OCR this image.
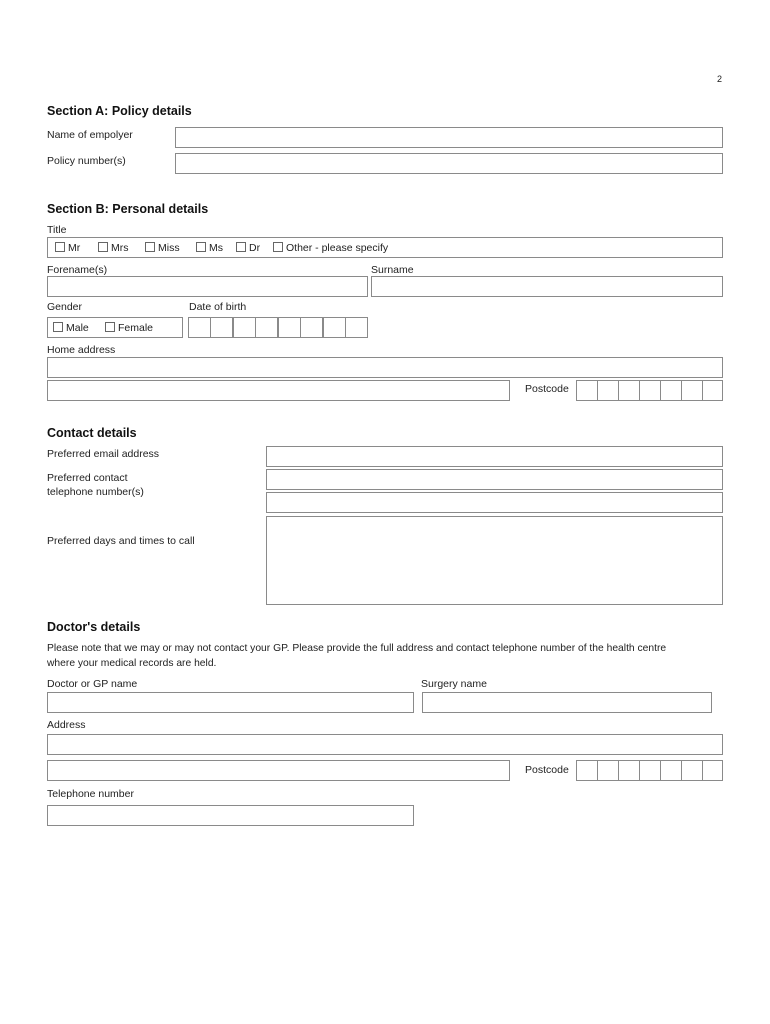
2
Section A: Policy details
Name of empolyer
Policy number(s)
Section B: Personal details
Title
Mr	Mrs	Miss	Ms	Dr	Other - please specify
Forename(s)	Surname
Gender	Date of birth
Male	Female
Home address
Postcode
Contact details
Preferred email address
Preferred contact
telephone number(s)
Preferred days and times to call
Doctor's details
Please note that we may or may not contact your GP. Please provide the full address and contact telephone number of the health centre
where your medical records are held.
Doctor or GP name	Surgery name
Address
Postcode
Telephone number
